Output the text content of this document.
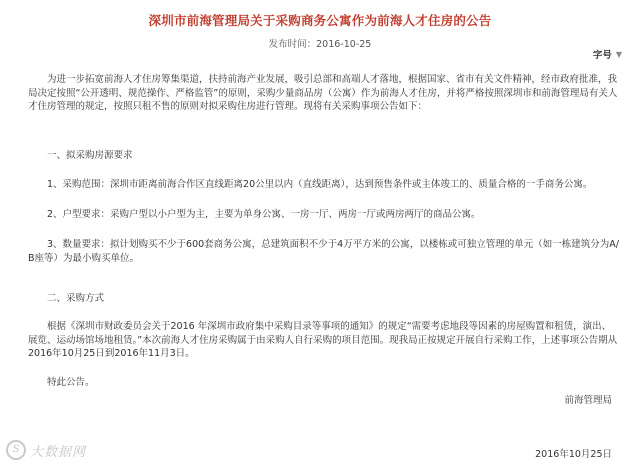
深圳市前海管理局关于采购商务公寓作为前海人才住房的公告
发布时间：2016-10-25
字号 ▼
为进一步拓宽前海人才住房筹集渠道，扶持前海产业发展，吸引总部和高端人才落地，根据国家、省市有关文件精神，经市政府批准，我局决定按照“公开透明、规范操作、严格监管”的原则，采购少量商品房（公寓）作为前海人才住房，并将严格按照深圳市和前海管理局有关人才住房管理的规定，按照只租不售的原则对拟采购住房进行管理。现将有关采购事项公告如下：
一、拟采购房源要求
1、采购范围：深圳市距离前海合作区直线距离20公里以内（直线距离），达到预售条件或主体竣工的、质量合格的一手商务公寓。
2、户型要求：采购户型以小户型为主，主要为单身公寓、一房一厅、两房一厅或两房两厅的商品公寓。
3、数量要求：拟计划购买不少于600套商务公寓，总建筑面积不少于4万平方米的公寓，以楼栋或可独立管理的单元（如一栋建筑分为A/B座等）为最小购买单位。
二、采购方式
根据《深圳市财政委员会关于2016 年深圳市政府集中采购目录等事项的通知》的规定“需要考虑地段等因素的房屋购置和租赁，演出、展览、运动场馆场地租赁。”本次前海人才住房采购属于由采购人自行采购的项目范围。现我局正按规定开展自行采购工作，上述事项公告期从2016年10月25日到2016年11月3日。
特此公告。
前海管理局
2016年10月25日
S 大数据网
